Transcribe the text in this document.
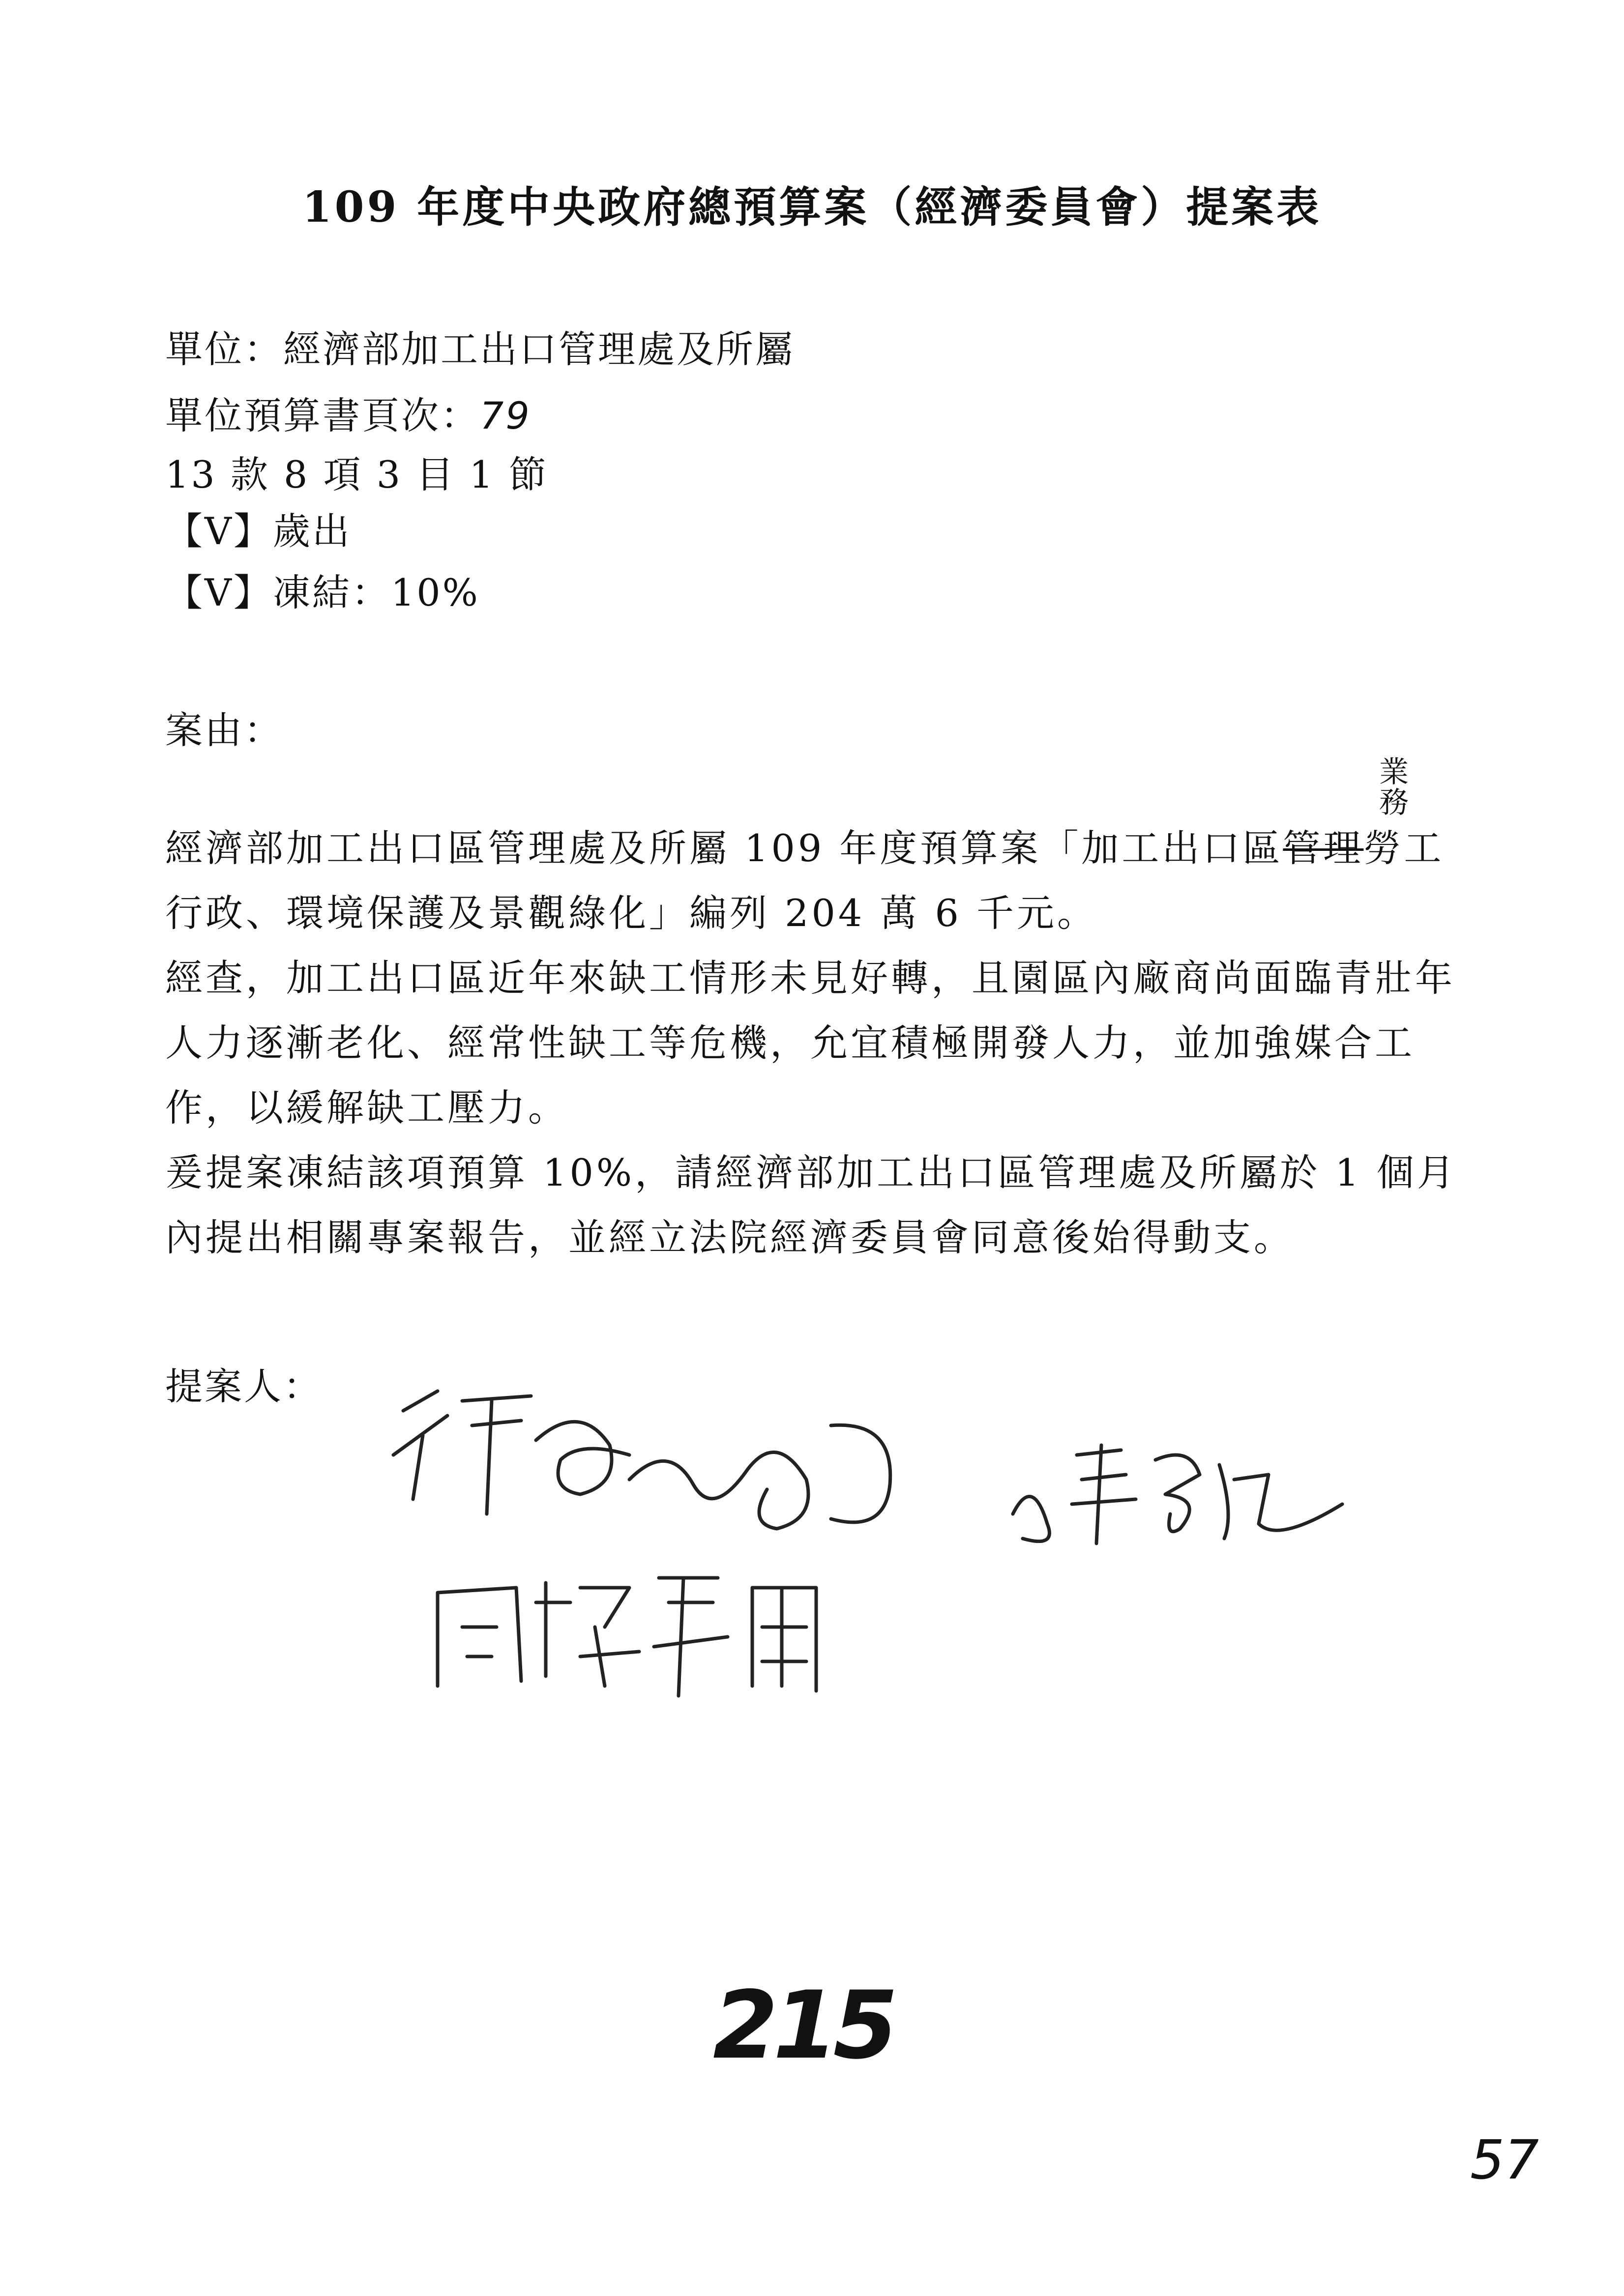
109 年度中央政府總預算案（經濟委員會）提案表
單位：經濟部加工出口管理處及所屬
單位預算書頁次：79
13 款 8 項 3 目 1 節
【V】歲出
【V】凍結：10%
案由：
業務

經濟部加工出口區管理處及所屬 109 年度預算案「加工出口區管理勞工行政、環境保護及景觀綠化」編列 204 萬 6 千元。

經查，加工出口區近年來缺工情形未見好轉，且園區內廠商尚面臨青壯年人力逐漸老化、經常性缺工等危機，允宜積極開發人力，並加強媒合工作，以緩解缺工壓力。

爰提案凍結該項預算 10%，請經濟部加工出口區管理處及所屬於 1 個月內提出相關專案報告，並經立法院經濟委員會同意後始得動支。

提案人：
215
57
